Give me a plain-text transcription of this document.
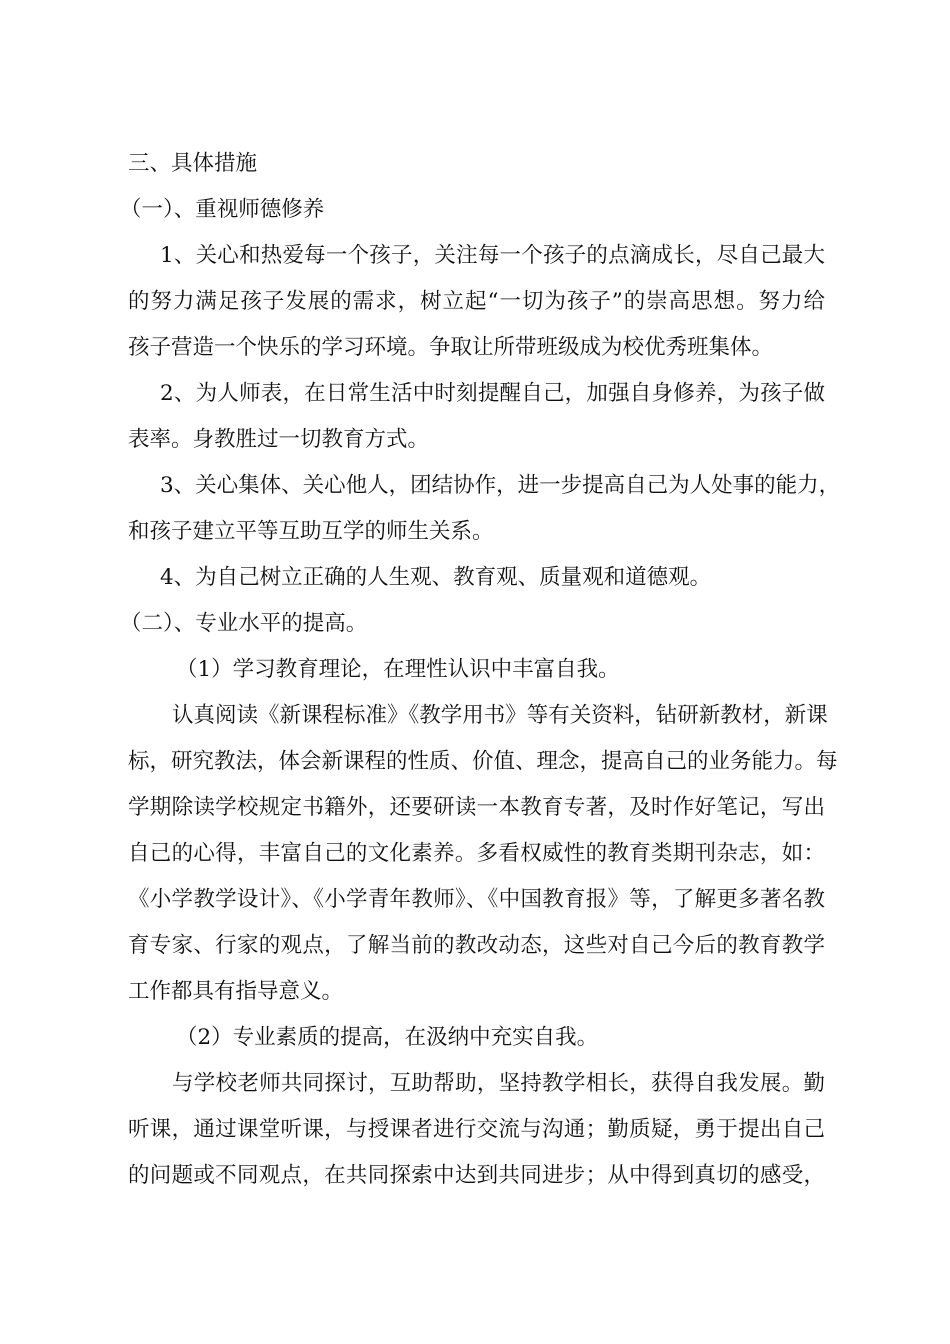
三、具体措施
（一）、重视师德修养
1、关心和热爱每一个孩子，关注每一个孩子的点滴成长，尽自己最大
的努力满足孩子发展的需求，树立起“一切为孩子”的崇高思想。努力给
孩子营造一个快乐的学习环境。争取让所带班级成为校优秀班集体。
2、为人师表，在日常生活中时刻提醒自己，加强自身修养，为孩子做
表率。身教胜过一切教育方式。
3、关心集体、关心他人，团结协作，进一步提高自己为人处事的能力，
和孩子建立平等互助互学的师生关系。
4、为自己树立正确的人生观、教育观、质量观和道德观。
（二）、专业水平的提高。
（1）学习教育理论，在理性认识中丰富自我。
认真阅读《新课程标准》《教学用书》等有关资料，钻研新教材，新课
标，研究教法，体会新课程的性质、价值、理念，提高自己的业务能力。每
学期除读学校规定书籍外，还要研读一本教育专著，及时作好笔记，写出
自己的心得，丰富自己的文化素养。多看权威性的教育类期刊杂志，如：
《小学教学设计》、《小学青年教师》、《中国教育报》等，了解更多著名教
育专家、行家的观点，了解当前的教改动态，这些对自己今后的教育教学
工作都具有指导意义。
（2）专业素质的提高，在汲纳中充实自我。
与学校老师共同探讨，互助帮助，坚持教学相长，获得自我发展。勤
听课，通过课堂听课，与授课者进行交流与沟通；勤质疑，勇于提出自己
的问题或不同观点，在共同探索中达到共同进步；从中得到真切的感受，
